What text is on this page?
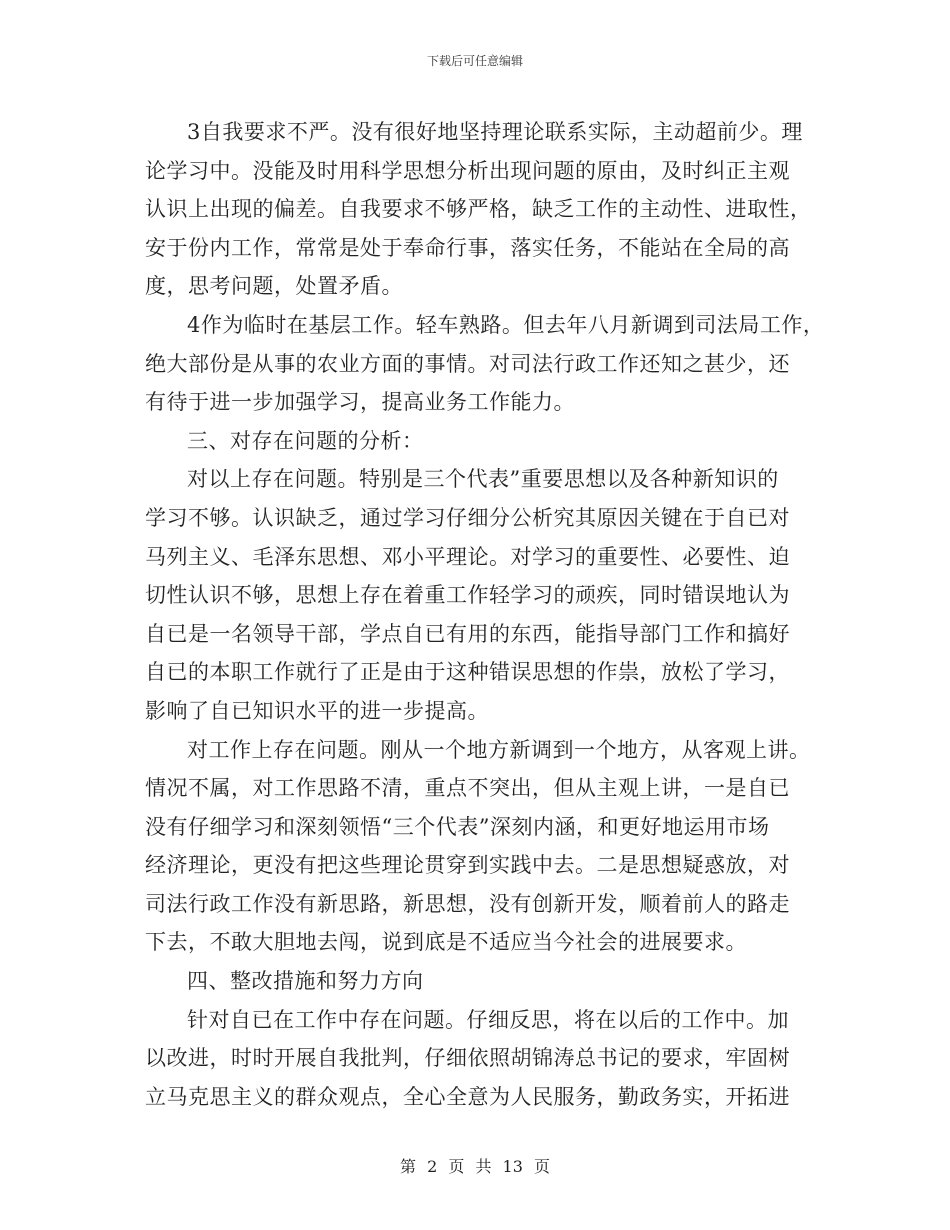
下载后可任意编辑
3自我要求不严。没有很好地坚持理论联系实际，主动超前少。理
论学习中。没能及时用科学思想分析出现问题的原由，及时纠正主观
认识上出现的偏差。自我要求不够严格，缺乏工作的主动性、进取性，
安于份内工作，常常是处于奉命行事，落实任务，不能站在全局的高
度，思考问题，处置矛盾。
4作为临时在基层工作。轻车熟路。但去年八月新调到司法局工作，
绝大部份是从事的农业方面的事情。对司法行政工作还知之甚少，还
有待于进一步加强学习，提高业务工作能力。
三、对存在问题的分析：
对以上存在问题。特别是三个代表”重要思想以及各种新知识的
学习不够。认识缺乏，通过学习仔细分公析究其原因关键在于自已对
马列主义、毛泽东思想、邓小平理论。对学习的重要性、必要性、迫
切性认识不够，思想上存在着重工作轻学习的顽疾，同时错误地认为
自已是一名领导干部，学点自已有用的东西，能指导部门工作和搞好
自已的本职工作就行了正是由于这种错误思想的作祟，放松了学习，
影响了自已知识水平的进一步提高。
对工作上存在问题。刚从一个地方新调到一个地方，从客观上讲。
情况不属，对工作思路不清，重点不突出，但从主观上讲，一是自已
没有仔细学习和深刻领悟“三个代表”深刻内涵，和更好地运用市场
经济理论，更没有把这些理论贯穿到实践中去。二是思想疑惑放，对
司法行政工作没有新思路，新思想，没有创新开发，顺着前人的路走
下去，不敢大胆地去闯，说到底是不适应当今社会的进展要求。
四、整改措施和努力方向
针对自已在工作中存在问题。仔细反思，将在以后的工作中。加
以改进，时时开展自我批判，仔细依照胡锦涛总书记的要求，牢固树
立马克思主义的群众观点，全心全意为人民服务，勤政务实，开拓进
第 2 页 共 13 页
